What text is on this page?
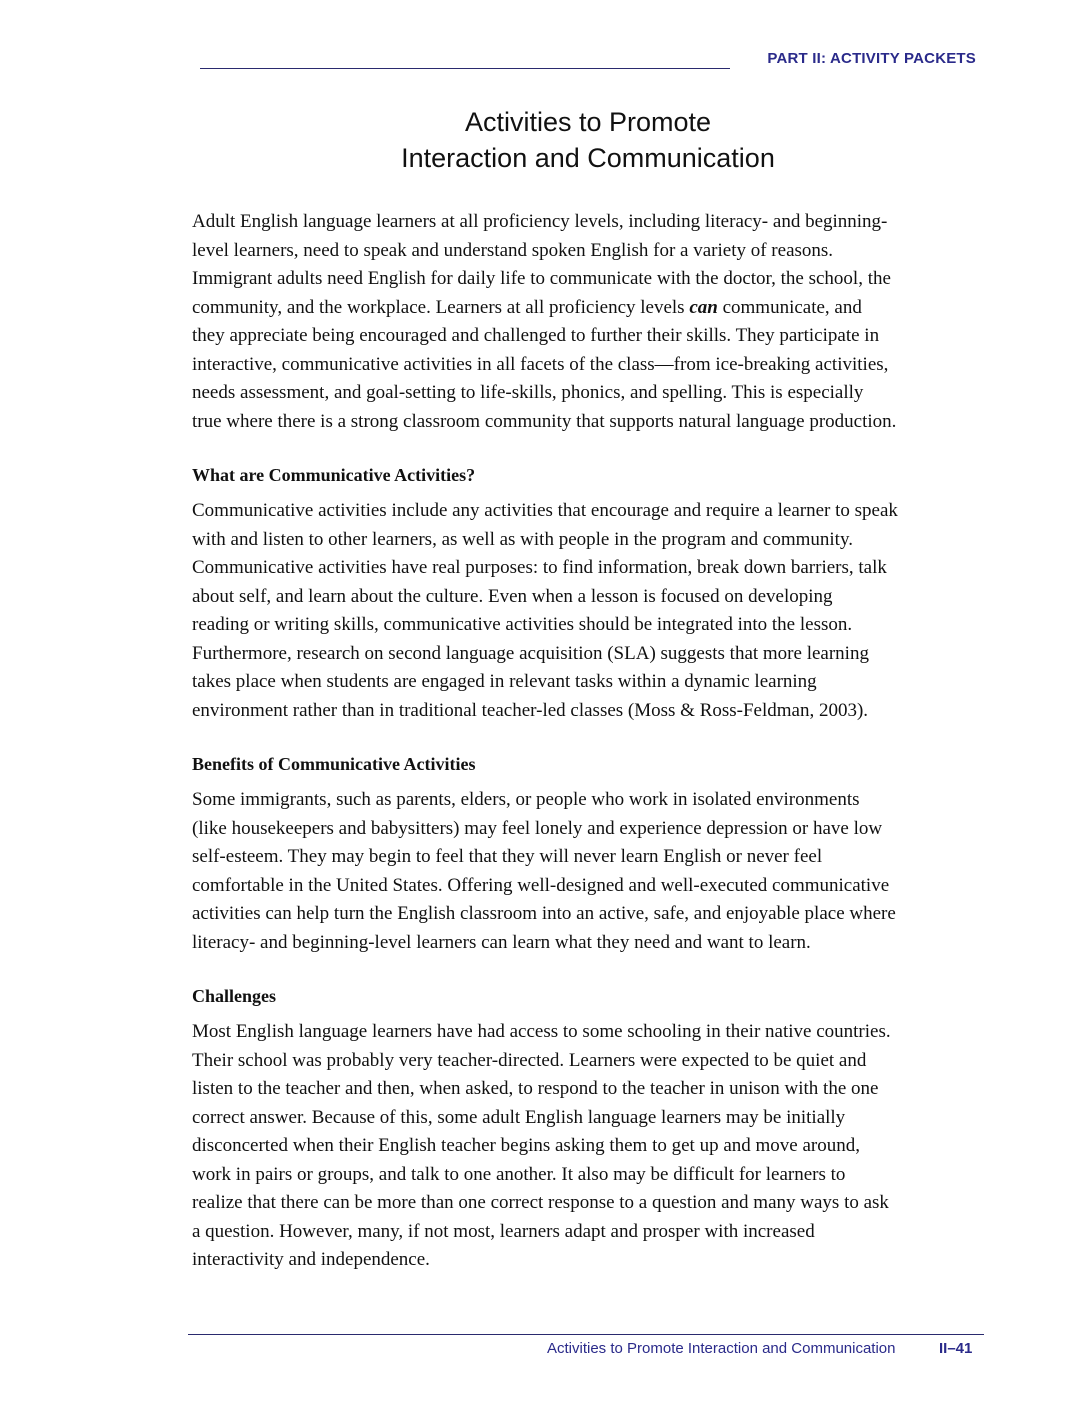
PART II: ACTIVITY PACKETS
Activities to Promote
Interaction and Communication

Adult English language learners at all proficiency levels, including literacy- and beginning-
level learners, need to speak and understand spoken English for a variety of reasons.
Immigrant adults need English for daily life to communicate with the doctor, the school, the
community, and the workplace. Learners at all proficiency levels can communicate, and
they appreciate being encouraged and challenged to further their skills. They participate in
interactive, communicative activities in all facets of the class—from ice-breaking activities,
needs assessment, and goal-setting to life-skills, phonics, and spelling. This is especially
true where there is a strong classroom community that supports natural language production.

What are Communicative Activities?

Communicative activities include any activities that encourage and require a learner to speak
with and listen to other learners, as well as with people in the program and community.
Communicative activities have real purposes: to find information, break down barriers, talk
about self, and learn about the culture. Even when a lesson is focused on developing
reading or writing skills, communicative activities should be integrated into the lesson.
Furthermore, research on second language acquisition (SLA) suggests that more learning
takes place when students are engaged in relevant tasks within a dynamic learning
environment rather than in traditional teacher-led classes (Moss & Ross-Feldman, 2003).

Benefits of Communicative Activities

Some immigrants, such as parents, elders, or people who work in isolated environments
(like housekeepers and babysitters) may feel lonely and experience depression or have low
self-esteem. They may begin to feel that they will never learn English or never feel
comfortable in the United States. Offering well-designed and well-executed communicative
activities can help turn the English classroom into an active, safe, and enjoyable place where
literacy- and beginning-level learners can learn what they need and want to learn.

Challenges

Most English language learners have had access to some schooling in their native countries.
Their school was probably very teacher-directed. Learners were expected to be quiet and
listen to the teacher and then, when asked, to respond to the teacher in unison with the one
correct answer. Because of this, some adult English language learners may be initially
disconcerted when their English teacher begins asking them to get up and move around,
work in pairs or groups, and talk to one another. It also may be difficult for learners to
realize that there can be more than one correct response to a question and many ways to ask
a question. However, many, if not most, learners adapt and prosper with increased
interactivity and independence.

Activities to Promote Interaction and Communication	II–41
